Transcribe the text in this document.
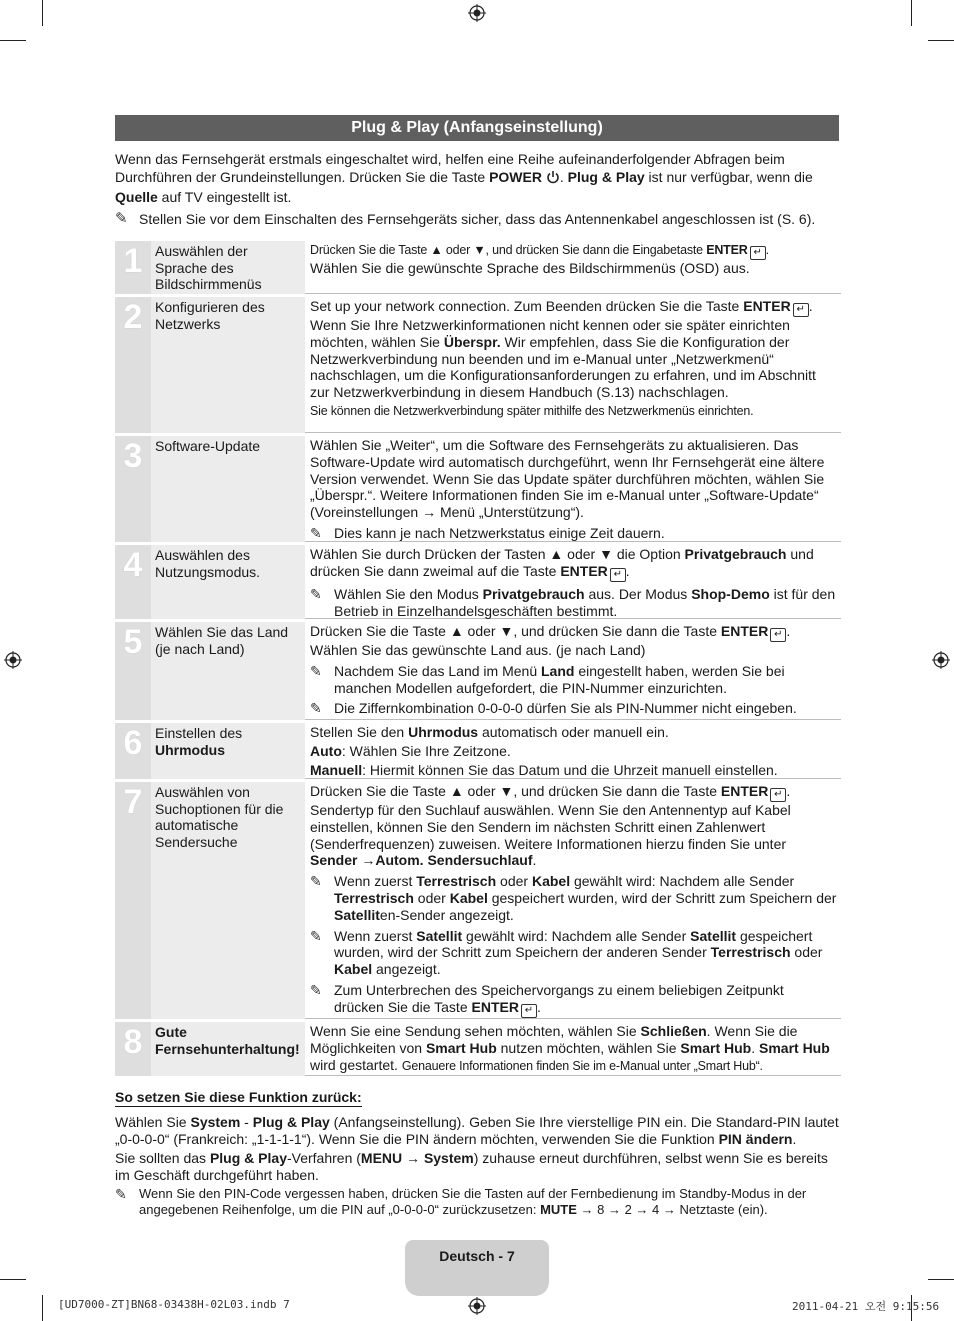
Plug & Play (Anfangseinstellung)

Wenn das Fernsehgerät erstmals eingeschaltet wird, helfen eine Reihe aufeinanderfolgender Abfragen beim Durchführen der Grundeinstellungen. Drücken Sie die Taste POWER . Plug & Play ist nur verfügbar, wenn die Quelle auf TV eingestellt ist.

✎ Stellen Sie vor dem Einschalten des Fernsehgeräts sicher, dass das Antennenkabel angeschlossen ist (S. 6).
1 Auswählen der Sprache des Bildschirmmenüs

Drücken Sie die Taste ▲ oder ▼, und drücken Sie dann die Eingabetaste ENTER ↵ .

Wählen Sie die gewünschte Sprache des Bildschirmmenüs (OSD) aus.

2 Konfigurieren des Netzwerks

Set up your network connection. Zum Beenden drücken Sie die Taste ENTER ↵ . Wenn Sie Ihre Netzwerkinformationen nicht kennen oder sie später einrichten möchten, wählen Sie Überspr. Wir empfehlen, dass Sie die Konfiguration der Netzwerkverbindung nun beenden und im e-Manual unter „Netzwerkmenü“ nachschlagen, um die Konfigurationsanforderungen zu erfahren, und im Abschnitt zur Netzwerkverbindung in diesem Handbuch (S.13) nachschlagen.

Sie können die Netzwerkverbindung später mithilfe des Netzwerkmenüs einrichten.

3 Software-Update	Wählen Sie „Weiter“, um die Software des Fernsehgeräts zu aktualisieren. Das Software-Update wird automatisch durchgeführt, wenn Ihr Fernsehgerät eine ältere Version verwendet. Wenn Sie das Update später durchführen möchten, wählen Sie „Überspr.“. Weitere Informationen finden Sie im e-Manual unter „Software-Update“ (Voreinstellungen → Menü „Unterstützung“).

✎ Dies kann je nach Netzwerkstatus einige Zeit dauern.
4 Auswählen des Nutzungsmodus.

Wählen Sie durch Drücken der Tasten ▲ oder ▼ die Option Privatgebrauch und drücken Sie dann zweimal auf die Taste ENTER ↵ .

✎ Wählen Sie den Modus Privatgebrauch aus. Der Modus Shop-Demo ist für den Betrieb in Einzelhandelsgeschäften bestimmt.
5 Wählen Sie das Land (je nach Land)

Drücken Sie die Taste ▲ oder ▼, und drücken Sie dann die Taste ENTER ↵ . Wählen Sie das gewünschte Land aus. (je nach Land)

✎ Nachdem Sie das Land im Menü Land eingestellt haben, werden Sie bei manchen Modellen aufgefordert, die PIN-Nummer einzurichten.
✎ Die Ziffernkombination 0-0-0-0 dürfen Sie als PIN-Nummer nicht eingeben.
6 Einstellen des Uhrmodus

Stellen Sie den Uhrmodus automatisch oder manuell ein.

Auto: Wählen Sie Ihre Zeitzone.

Manuell: Hiermit können Sie das Datum und die Uhrzeit manuell einstellen.

7 Auswählen von Suchoptionen für die automatische Sendersuche

Drücken Sie die Taste ▲ oder ▼, und drücken Sie dann die Taste ENTER ↵ . Sendertyp für den Suchlauf auswählen. Wenn Sie den Antennentyp auf Kabel einstellen, können Sie den Sendern im nächsten Schritt einen Zahlenwert (Senderfrequenzen) zuweisen. Weitere Informationen hierzu finden Sie unter Sender →Autom. Sendersuchlauf.

✎ Wenn zuerst Terrestrisch oder Kabel gewählt wird: Nachdem alle Sender Terrestrisch oder Kabel gespeichert wurden, wird der Schritt zum Speichern der Satelliten-Sender angezeigt.
✎ Wenn zuerst Satellit gewählt wird: Nachdem alle Sender Satellit gespeichert wurden, wird der Schritt zum Speichern der anderen Sender Terrestrisch oder Kabel angezeigt.
✎ Zum Unterbrechen des Speichervorgangs zu einem beliebigen Zeitpunkt drücken Sie die Taste ENTER ↵ .
8 Gute Fernsehunterhaltung!

Wenn Sie eine Sendung sehen möchten, wählen Sie Schließen. Wenn Sie die Möglichkeiten von Smart Hub nutzen möchten, wählen Sie Smart Hub. Smart Hub wird gestartet. Genauere Informationen finden Sie im e-Manual unter „Smart Hub“.

So setzen Sie diese Funktion zurück:

Wählen Sie System - Plug & Play (Anfangseinstellung). Geben Sie Ihre vierstellige PIN ein. Die Standard-PIN lautet „0-0-0-0“ (Frankreich: „1-1-1-1“). Wenn Sie die PIN ändern möchten, verwenden Sie die Funktion PIN ändern.

Sie sollten das Plug & Play-Verfahren (MENU → System) zuhause erneut durchführen, selbst wenn Sie es bereits im Geschäft durchgeführt haben.

✎ Wenn Sie den PIN-Code vergessen haben, drücken Sie die Tasten auf der Fernbedienung im Standby-Modus in der angegebenen Reihenfolge, um die PIN auf „0-0-0-0“ zurückzusetzen: MUTE → 8 → 2 → 4 → Netztaste (ein).
Deutsch - 7
[UD7000-ZT]BN68-03438H-02L03.indb 7	2011-04-21 오전 9:15:56
